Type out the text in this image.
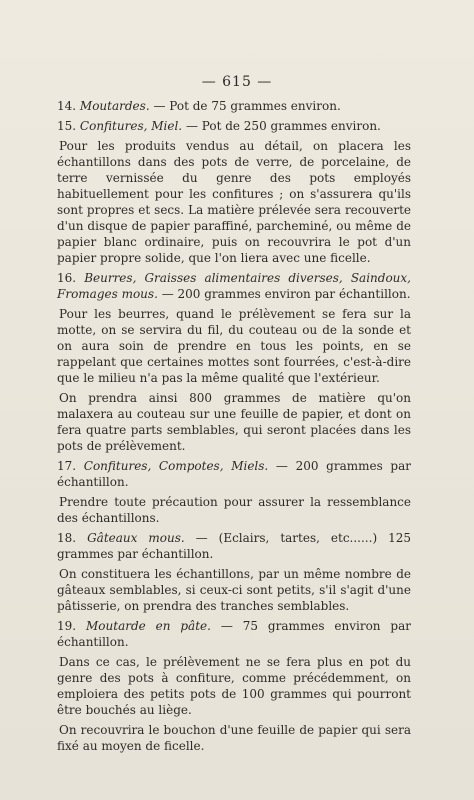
— 615 —

14. Moutardes. — Pot de 75 grammes environ.

15. Confitures, Miel. — Pot de 250 grammes environ.

Pour les produits vendus au détail, on placera les échantillons dans des pots de verre, de porcelaine, de terre vernissée du genre des pots employés habituellement pour les confitures ; on s'assurera qu'ils sont propres et secs. La matière prélevée sera recouverte d'un disque de papier paraffiné, parcheminé, ou même de papier blanc ordinaire, puis on recouvrira le pot d'un papier propre solide, que l'on liera avec une ficelle.

16. Beurres, Graisses alimentaires diverses, Saindoux, Fromages mous. — 200 grammes environ par échantillon.

Pour les beurres, quand le prélèvement se fera sur la motte, on se servira du fil, du couteau ou de la sonde et on aura soin de prendre en tous les points, en se rappelant que certaines mottes sont fourrées, c'est-à-dire que le milieu n'a pas la même qualité que l'extérieur.

On prendra ainsi 800 grammes de matière qu'on malaxera au couteau sur une feuille de papier, et dont on fera quatre parts semblables, qui seront placées dans les pots de prélèvement.

17. Confitures, Compotes, Miels. — 200 grammes par échantillon.

Prendre toute précaution pour assurer la ressemblance des échantillons.

18. Gâteaux mous. — (Eclairs, tartes, etc......) 125 grammes par échantillon.

On constituera les échantillons, par un même nombre de gâteaux semblables, si ceux-ci sont petits, s'il s'agit d'une pâtisserie, on prendra des tranches semblables.

19. Moutarde en pâte. — 75 grammes environ par échantillon.

Dans ce cas, le prélèvement ne se fera plus en pot du genre des pots à confiture, comme précédemment, on emploiera des petits pots de 100 grammes qui pourront être bouchés au liège.

On recouvrira le bouchon d'une feuille de papier qui sera fixé au moyen de ficelle.
